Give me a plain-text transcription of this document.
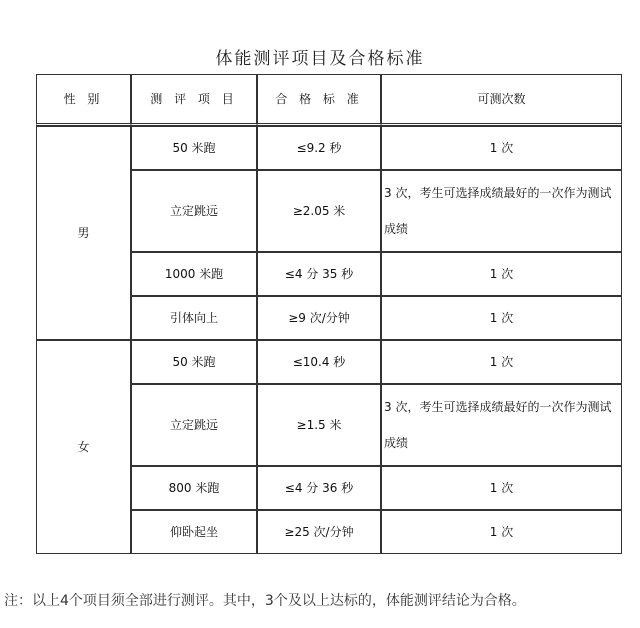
体能测评项目及合格标准
性 别	测 评 项 目	合 格 标 准	可测次数
男	50 米跑	≤9.2 秒	1 次
	立定跳远	≥2.05 米	3 次，考生可选择成绩最好的一次作为测试成绩
	1000 米跑	≤4 分 35 秒	1 次
	引体向上	≥9 次/分钟	1 次
女	50 米跑	≤10.4 秒	1 次
	立定跳远	≥1.5 米	3 次，考生可选择成绩最好的一次作为测试成绩
	800 米跑	≤4 分 36 秒	1 次
	仰卧起坐	≥25 次/分钟	1 次
注：以上4个项目须全部进行测评。其中，3个及以上达标的，体能测评结论为合格。
